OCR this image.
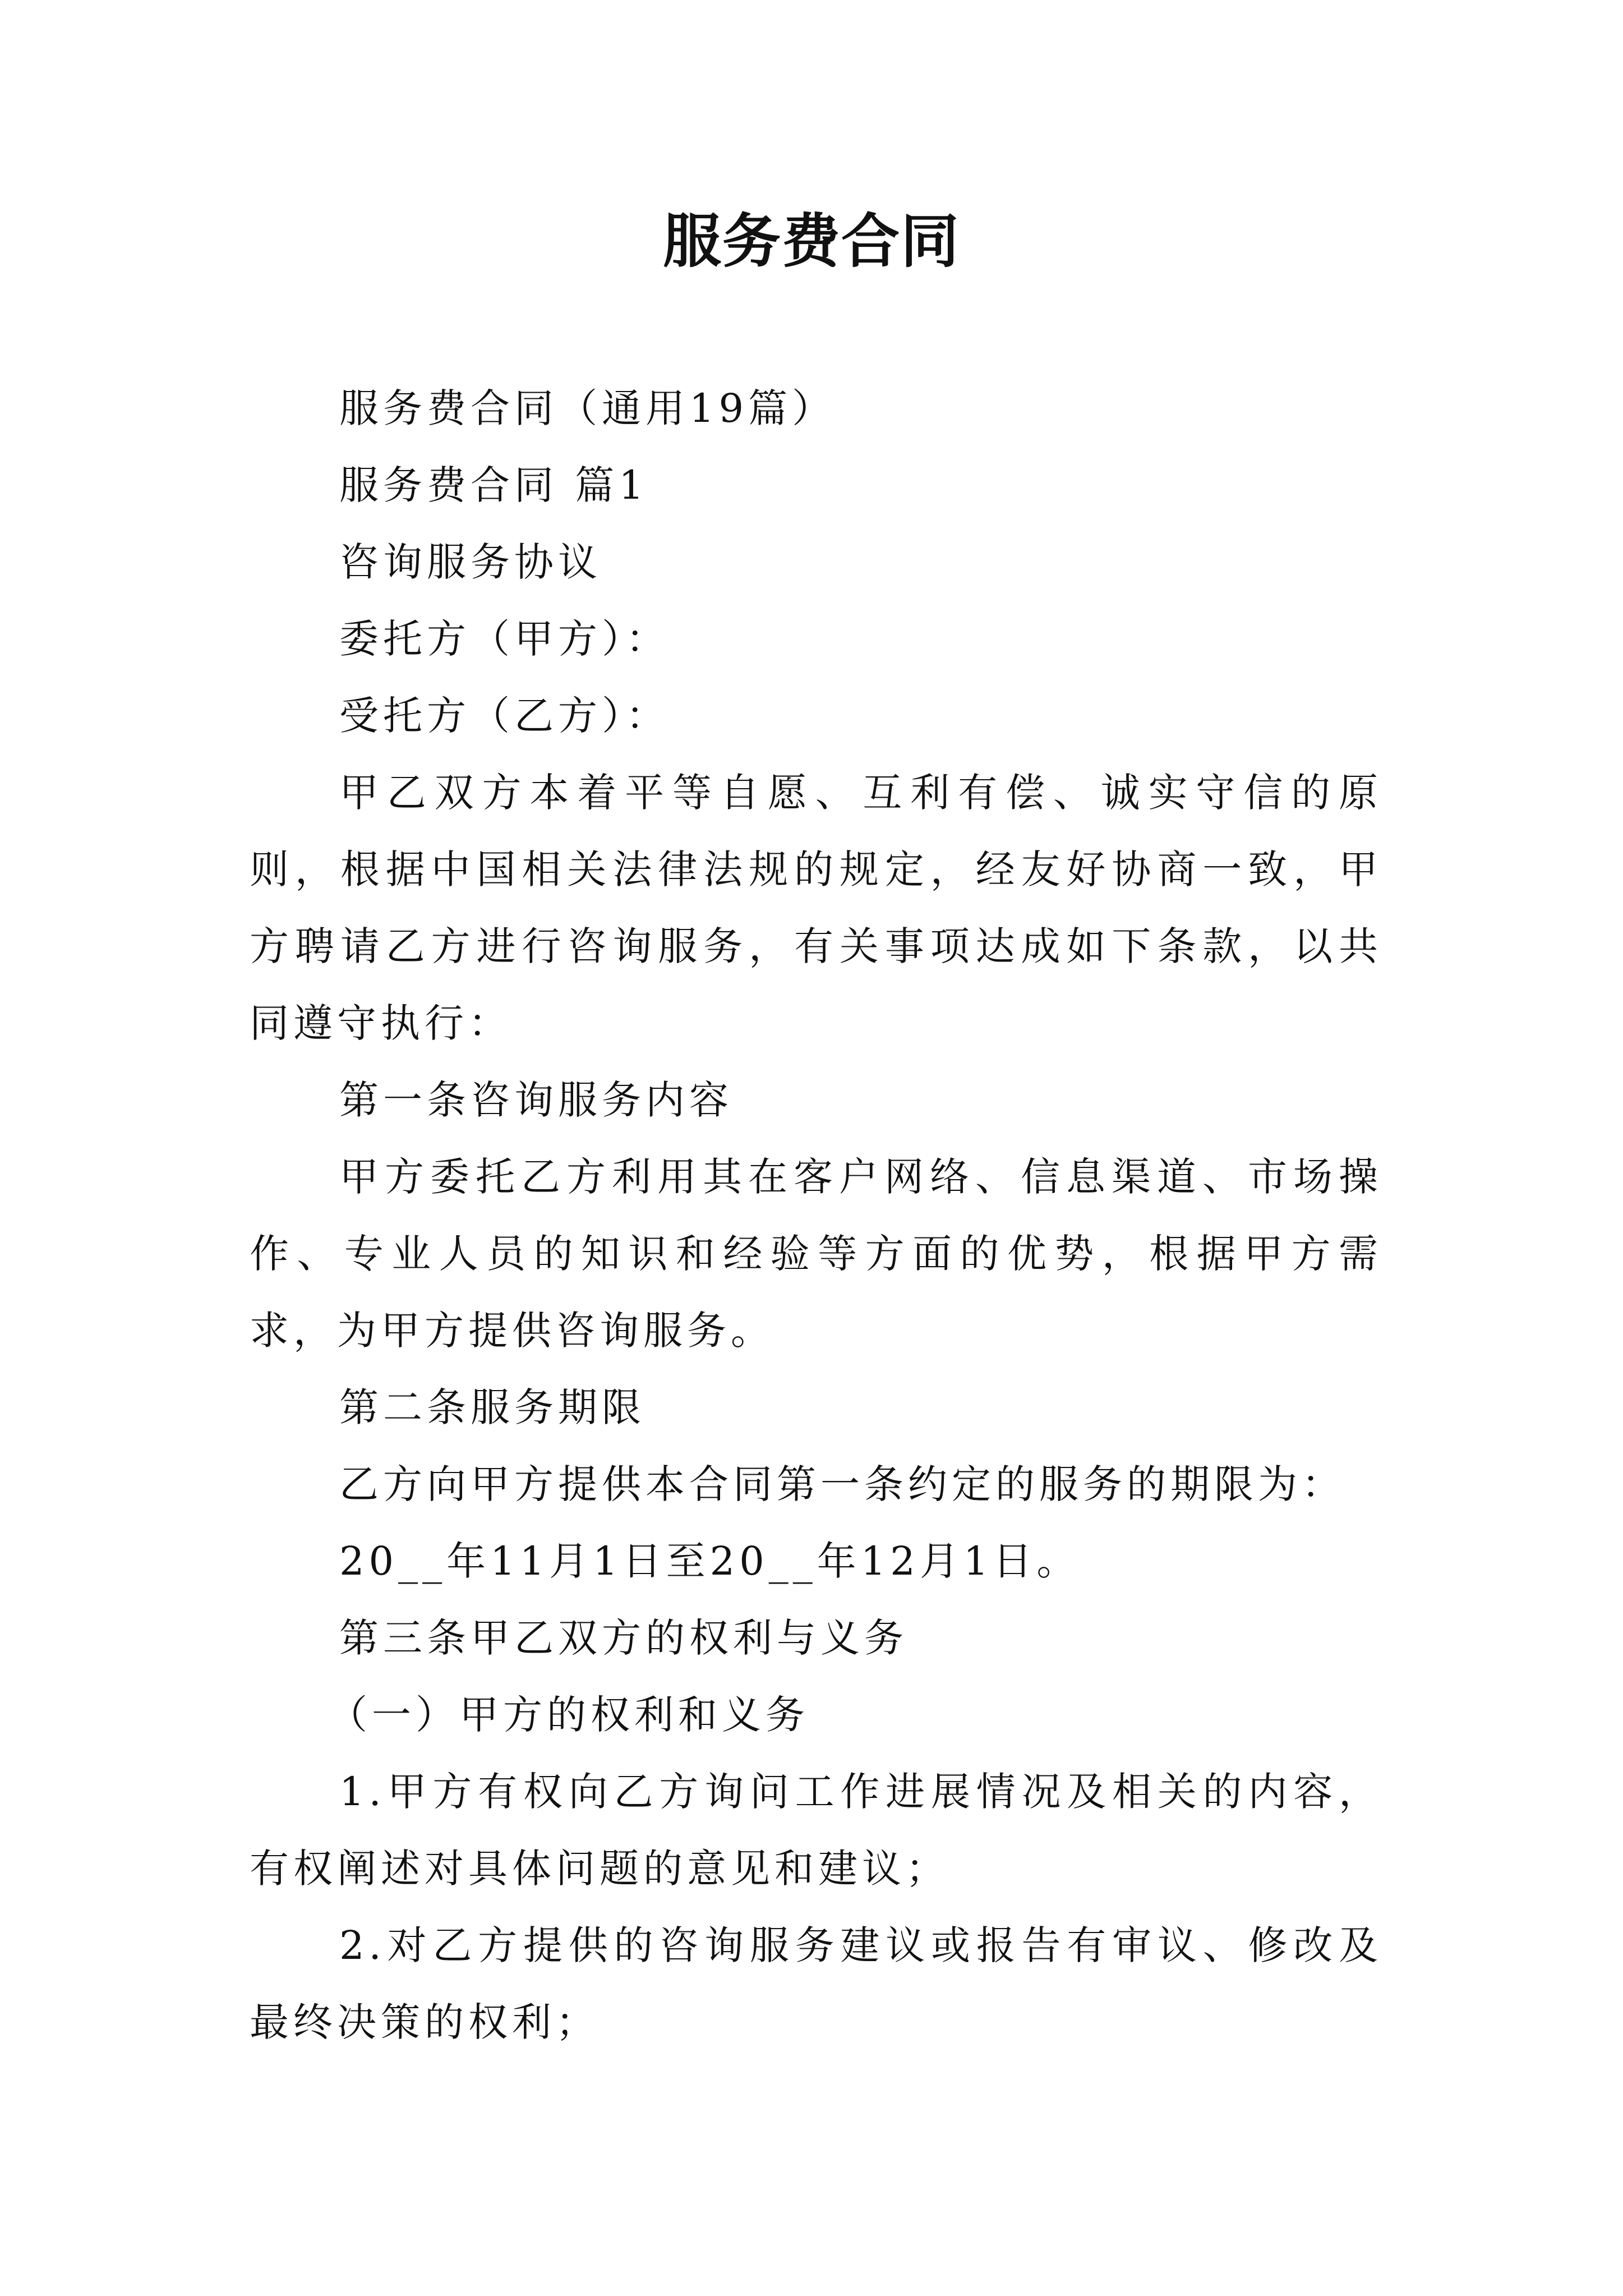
服务费合同

服务费合同（通用19篇）

服务费合同 篇1

咨询服务协议

委托方（甲方）：

受托方（乙方）：

甲乙双方本着平等自愿、互利有偿、诚实守信的原则，根据中国相关法律法规的规定，经友好协商一致，甲方聘请乙方进行咨询服务，有关事项达成如下条款，以共同遵守执行：

第一条咨询服务内容

甲方委托乙方利用其在客户网络、信息渠道、市场操作、专业人员的知识和经验等方面的优势，根据甲方需求，为甲方提供咨询服务。

第二条服务期限

乙方向甲方提供本合同第一条约定的服务的期限为：

20__年11月1日至20__年12月1日。

第三条甲乙双方的权利与义务

（一）甲方的权利和义务

1.甲方有权向乙方询问工作进展情况及相关的内容，有权阐述对具体问题的意见和建议；

2.对乙方提供的咨询服务建议或报告有审议、修改及最终决策的权利；
